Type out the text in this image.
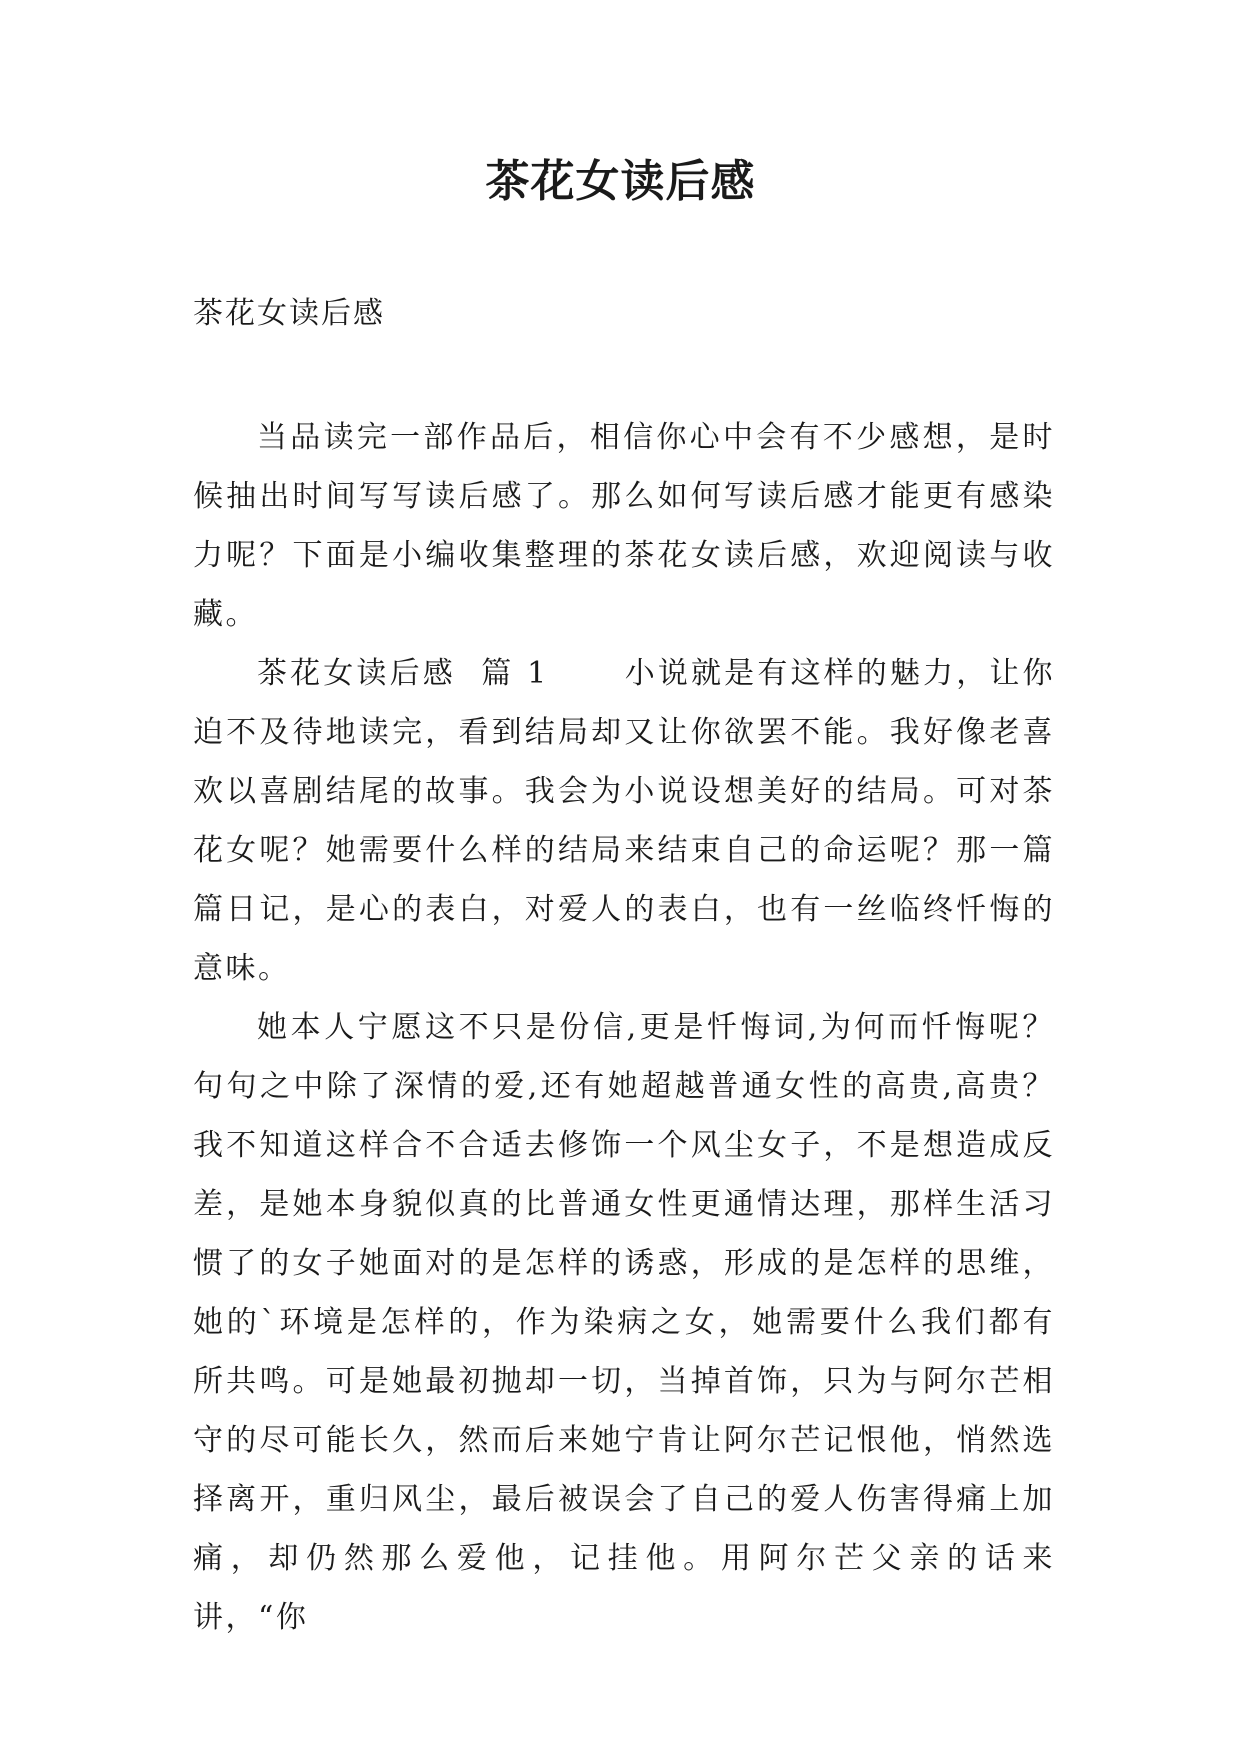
茶花女读后感

茶花女读后感

当品读完一部作品后，相信你心中会有不少感想，是时候抽出时间写写读后感了。那么如何写读后感才能更有感染力呢？下面是小编收集整理的茶花女读后感，欢迎阅读与收藏。

茶花女读后感  篇 1      小说就是有这样的魅力，让你迫不及待地读完，看到结局却又让你欲罢不能。我好像老喜欢以喜剧结尾的故事。我会为小说设想美好的结局。可对茶花女呢？她需要什么样的结局来结束自己的命运呢？那一篇篇日记，是心的表白，对爱人的表白，也有一丝临终忏悔的意味。

她本人宁愿这不只是份信,更是忏悔词,为何而忏悔呢？句句之中除了深情的爱,还有她超越普通女性的高贵,高贵？我不知道这样合不合适去修饰一个风尘女子，不是想造成反差，是她本身貌似真的比普通女性更通情达理，那样生活习惯了的女子她面对的是怎样的诱惑，形成的是怎样的思维，她的`环境是怎样的，作为染病之女，她需要什么我们都有所共鸣。可是她最初抛却一切，当掉首饰，只为与阿尔芒相守的尽可能长久，然而后来她宁肯让阿尔芒记恨他，悄然选择离开，重归风尘，最后被误会了自己的爱人伤害得痛上加痛，却仍然那么爱他，记挂他。用阿尔芒父亲的话来讲，“你
